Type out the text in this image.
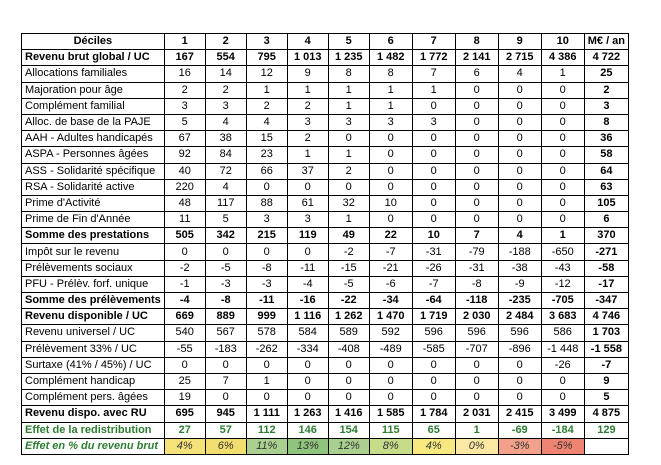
Déciles	1	2	3	4	5	6	7	8	9	10	M€ / an
Revenu brut global / UC	167	554	795	1 013	1 235	1 482	1 772	2 141	2 715	4 386	4 722
Allocations familiales	16	14	12	9	8	8	7	6	4	1	25
Majoration pour âge	2	2	1	1	1	1	1	0	0	0	2
Complément familial	3	3	2	2	1	1	0	0	0	0	3
Alloc. de base de la PAJE	5	4	4	3	3	3	3	0	0	0	8
AAH - Adultes handicapés	67	38	15	2	0	0	0	0	0	0	36
ASPA - Personnes âgées	92	84	23	1	1	0	0	0	0	0	58
ASS - Solidarité spécifique	40	72	66	37	2	0	0	0	0	0	64
RSA - Solidarité active	220	4	0	0	0	0	0	0	0	0	63
Prime d'Activité	48	117	88	61	32	10	0	0	0	0	105
Prime de Fin d'Année	11	5	3	3	1	0	0	0	0	0	6
Somme des prestations	505	342	215	119	49	22	10	7	4	1	370
Impôt sur le revenu	0	0	0	0	-2	-7	-31	-79	-188	-650	-271
Prélèvements sociaux	-2	-5	-8	-11	-15	-21	-26	-31	-38	-43	-58
PFU - Prélèv. forf. unique	-1	-3	-3	-4	-5	-6	-7	-8	-9	-12	-17
Somme des prélèvements	-4	-8	-11	-16	-22	-34	-64	-118	-235	-705	-347
Revenu disponible / UC	669	889	999	1 116	1 262	1 470	1 719	2 030	2 484	3 683	4 746
Revenu universel / UC	540	567	578	584	589	592	596	596	596	586	1 703
Prélèvement 33% / UC	-55	-183	-262	-334	-408	-489	-585	-707	-896	-1 448	-1 558
Surtaxe (41% / 45%) / UC	0	0	0	0	0	0	0	0	0	-26	-7
Complément handicap	25	7	1	0	0	0	0	0	0	0	9
Complément pers. âgées	19	0	0	0	0	0	0	0	0	0	5
Revenu dispo. avec RU	695	945	1 111	1 263	1 416	1 585	1 784	2 031	2 415	3 499	4 875
Effet de la redistribution	27	57	112	146	154	115	65	1	-69	-184	129
Effet en % du revenu brut	4%	6%	11%	13%	12%	8%	4%	0%	-3%	-5%	
